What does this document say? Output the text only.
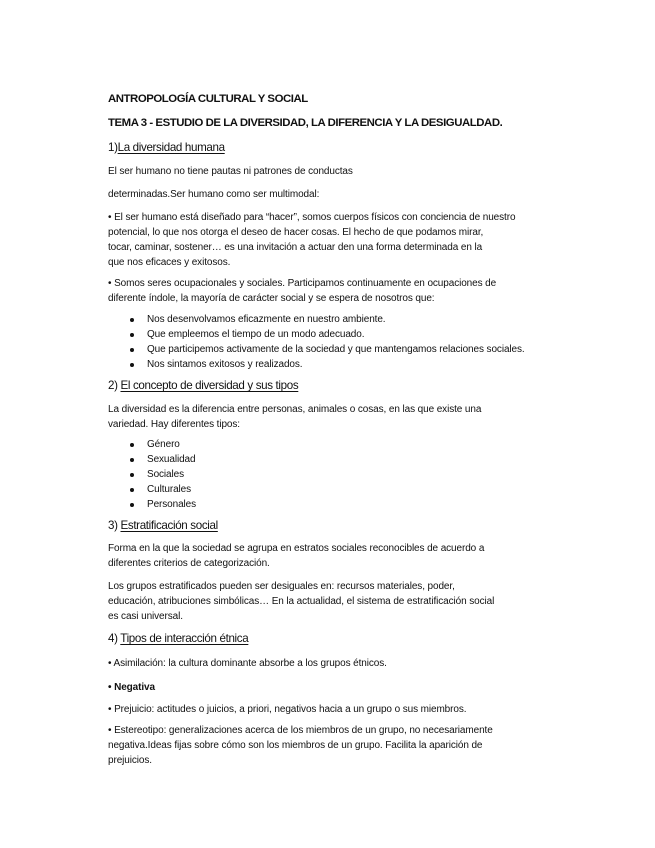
ANTROPOLOGÍA CULTURAL Y SOCIAL
TEMA 3 - ESTUDIO DE LA DIVERSIDAD, LA DIFERENCIA Y LA DESIGUALDAD.
1)La diversidad humana
El ser humano no tiene pautas ni patrones de conductas
determinadas.Ser humano como ser multimodal:
• El ser humano está diseñado para “hacer”, somos cuerpos físicos con conciencia de nuestro
potencial, lo que nos otorga el deseo de hacer cosas. El hecho de que podamos mirar,
tocar, caminar, sostener… es una invitación a actuar den una forma determinada en la
que nos eficaces y exitosos.
• Somos seres ocupacionales y sociales. Participamos continuamente en ocupaciones de
diferente índole, la mayoría de carácter social y se espera de nosotros que:
Nos desenvolvamos eficazmente en nuestro ambiente.
Que empleemos el tiempo de un modo adecuado.
Que participemos activamente de la sociedad y que mantengamos relaciones sociales.
Nos sintamos exitosos y realizados.
2) El concepto de diversidad y sus tipos
La diversidad es la diferencia entre personas, animales o cosas, en las que existe una
variedad. Hay diferentes tipos:
Género
Sexualidad
Sociales
Culturales
Personales
3) Estratificación social
Forma en la que la sociedad se agrupa en estratos sociales reconocibles de acuerdo a
diferentes criterios de categorización.
Los grupos estratificados pueden ser desiguales en: recursos materiales, poder,
educación, atribuciones simbólicas… En la actualidad, el sistema de estratificación social
es casi universal.
4) Tipos de interacción étnica
• Asimilación: la cultura dominante absorbe a los grupos étnicos.
• Negativa
• Prejuicio: actitudes o juicios, a priori, negativos hacia a un grupo o sus miembros.
• Estereotipo: generalizaciones acerca de los miembros de un grupo, no necesariamente
negativa.Ideas fijas sobre cómo son los miembros de un grupo. Facilita la aparición de
prejuicios.
